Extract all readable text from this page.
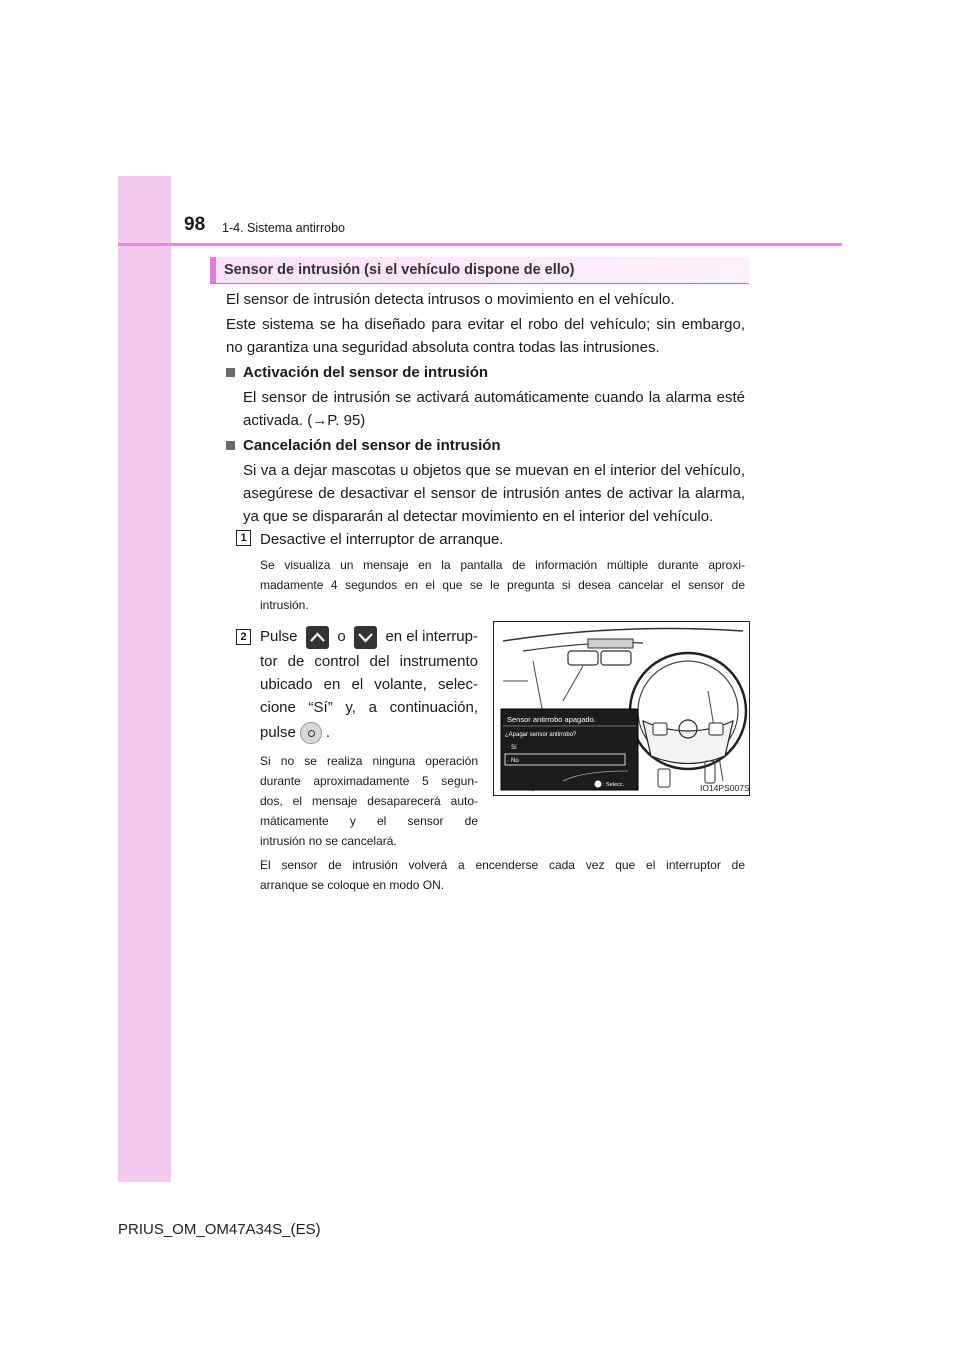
98 1-4. Sistema antirrobo
Sensor de intrusión (si el vehículo dispone de ello)
El sensor de intrusión detecta intrusos o movimiento en el vehículo.
Este sistema se ha diseñado para evitar el robo del vehículo; sin embargo,
no garantiza una seguridad absoluta contra todas las intrusiones.
Activación del sensor de intrusión
El sensor de intrusión se activará automáticamente cuando la alarma esté
activada. (→P. 95)
Cancelación del sensor de intrusión
Si va a dejar mascotas u objetos que se muevan en el interior del vehículo,
asegúrese de desactivar el sensor de intrusión antes de activar la alarma,
ya que se dispararán al detectar movimiento en el interior del vehículo.
1 Desactive el interruptor de arranque.
Se visualiza un mensaje en la pantalla de información múltiple durante aproxi-
madamente 4 segundos en el que se le pregunta si desea cancelar el sensor de
intrusión.
2 Pulse	o	en el interrup-
tor de control del instrumento
ubicado en el volante, selec-
cione “Sí” y, a continuación,
pulse .
Si no se realiza ninguna operación
durante aproximadamente 5 segun-
dos, el mensaje desaparecerá auto-
máticamente y el sensor de
intrusión no se cancelará.
El sensor de intrusión volverá a encenderse cada vez que el interruptor de
arranque se coloque en modo ON.
Sensor antirrobo apagado.
¿Apagar sensor antirrobo?
· Sí
· No
: Selecc.	IO14PS007S
PRIUS_OM_OM47A34S_(ES)
